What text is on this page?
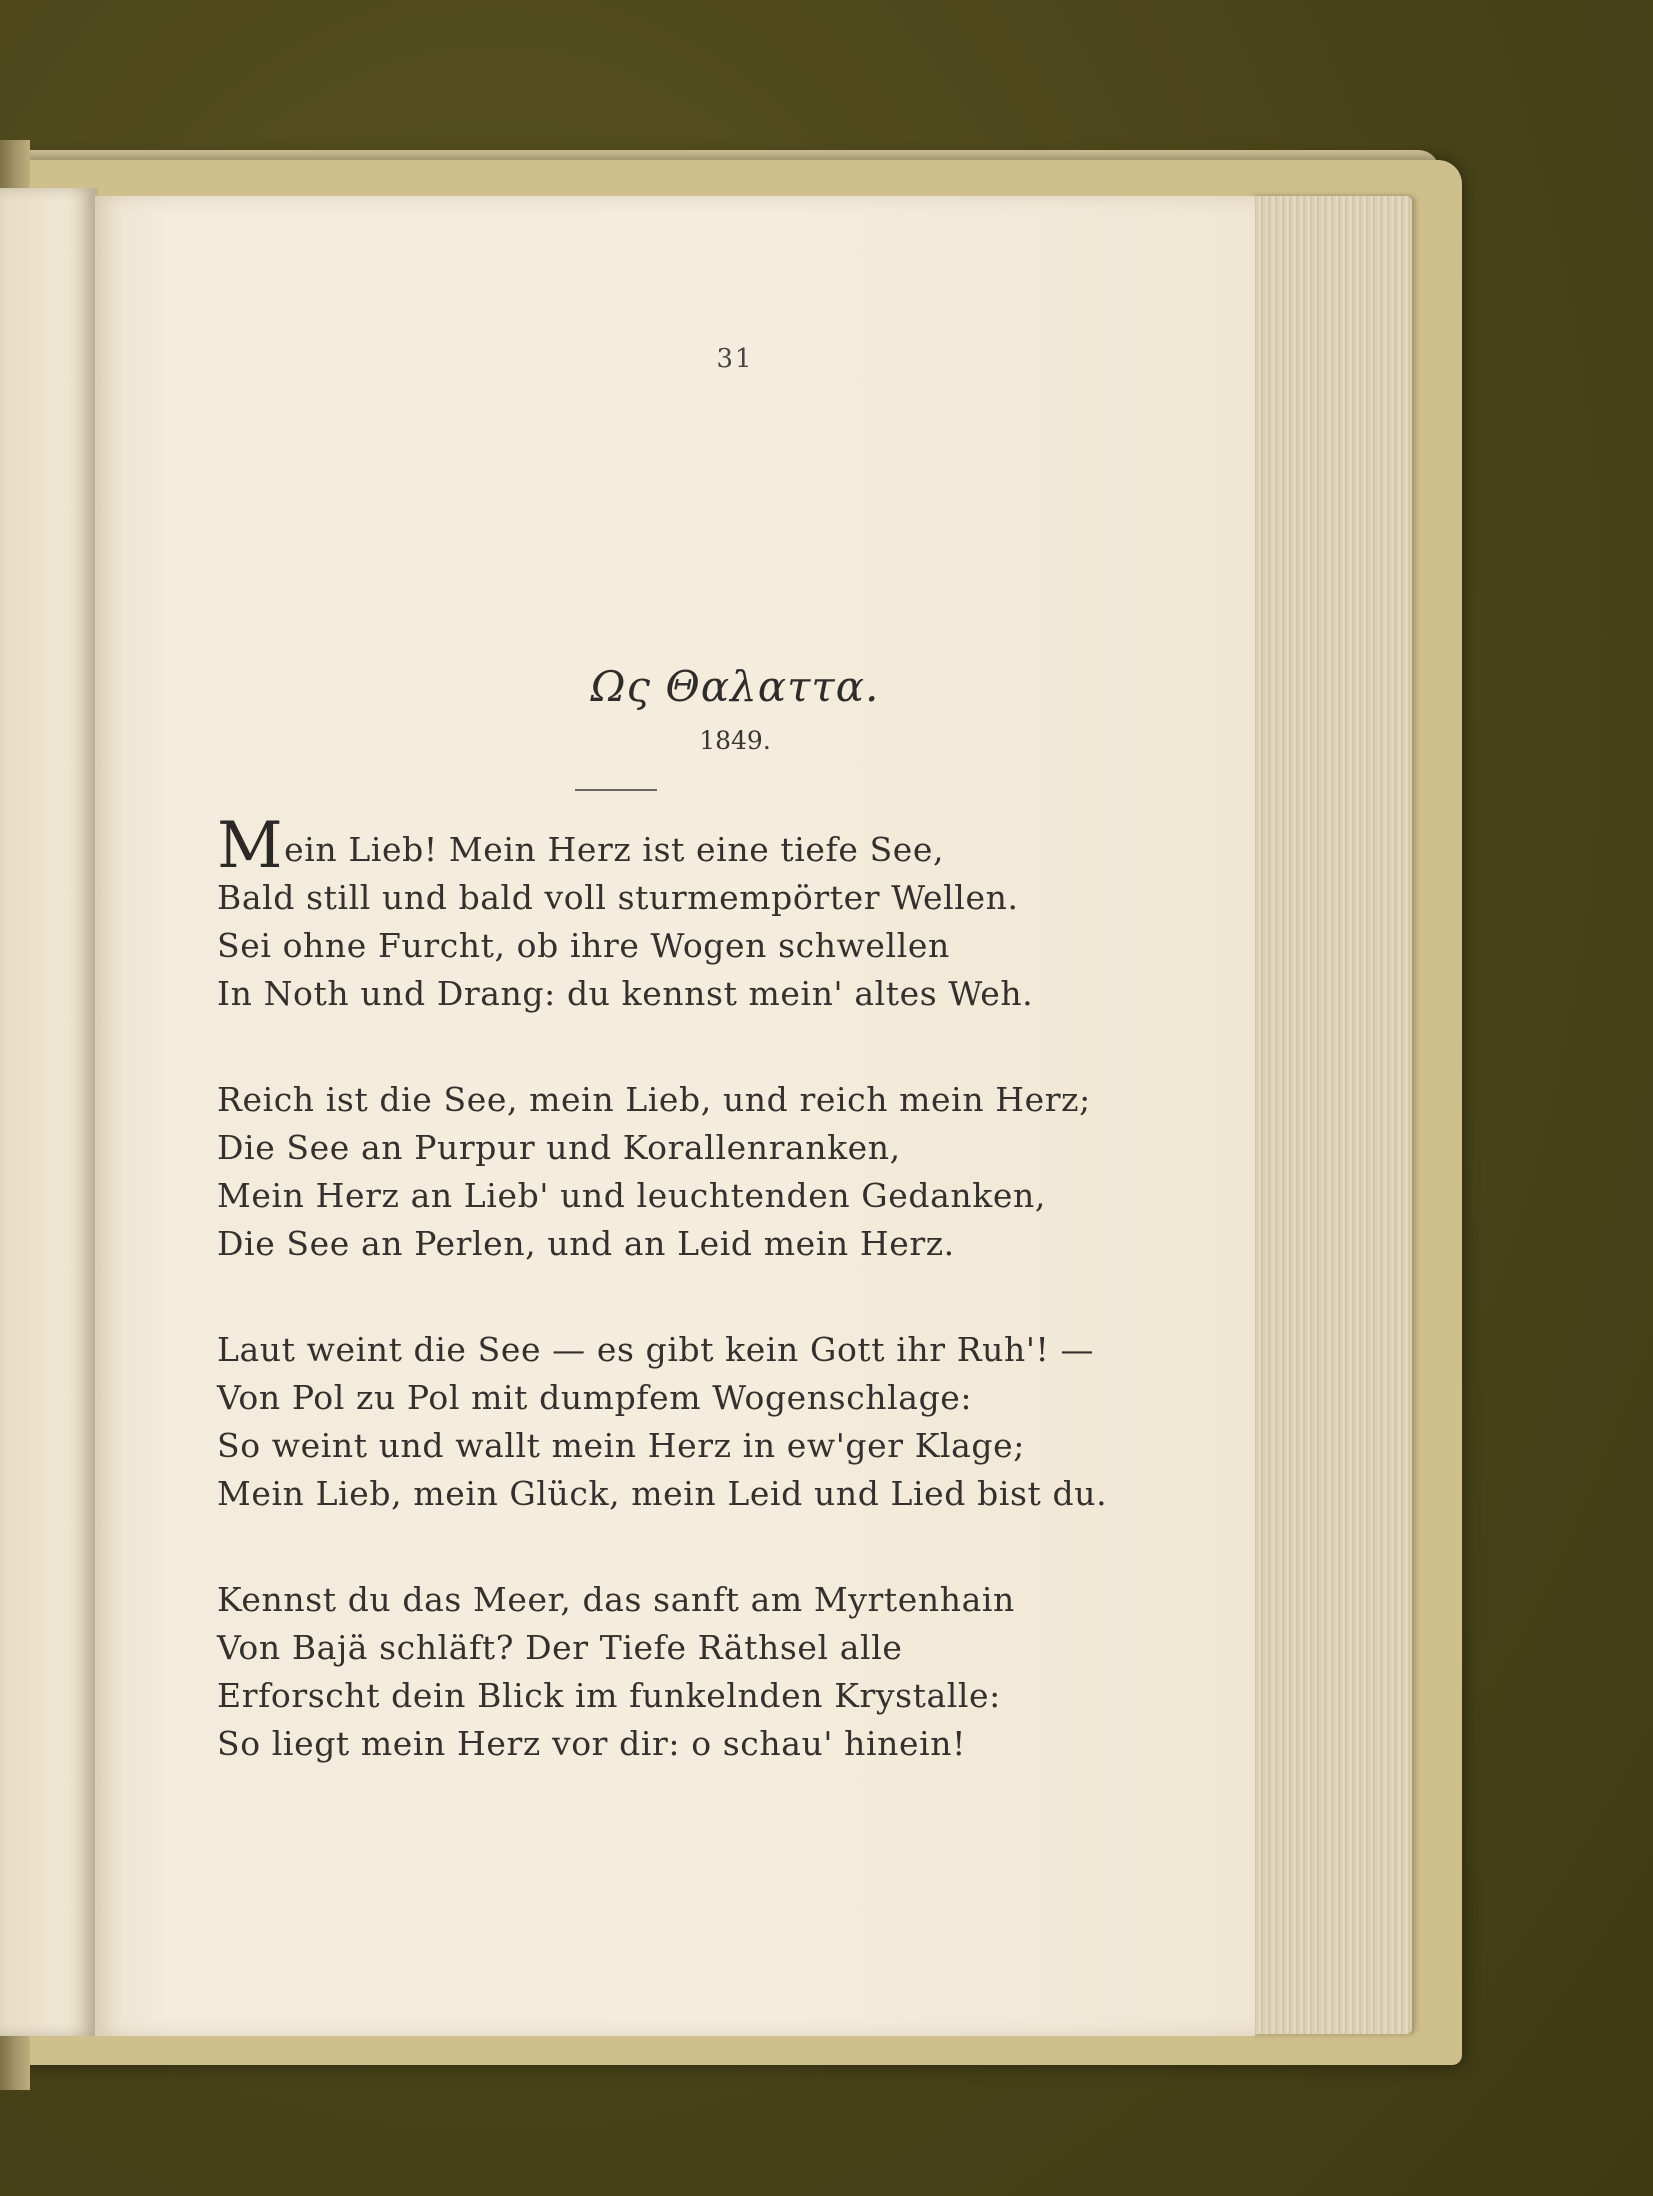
31
Ως Θαλαττα.
1849.
Mein Lieb! Mein Herz ist eine tiefe See,
Bald still und bald voll sturmempörter Wellen.
Sei ohne Furcht, ob ihre Wogen schwellen
In Noth und Drang: du kennst mein' altes Weh.
Reich ist die See, mein Lieb, und reich mein Herz;
Die See an Purpur und Korallenranken,
Mein Herz an Lieb' und leuchtenden Gedanken,
Die See an Perlen, und an Leid mein Herz.
Laut weint die See — es gibt kein Gott ihr Ruh'! —
Von Pol zu Pol mit dumpfem Wogenschlage:
So weint und wallt mein Herz in ew'ger Klage;
Mein Lieb, mein Glück, mein Leid und Lied bist du.
Kennst du das Meer, das sanft am Myrtenhain
Von Bajä schläft? Der Tiefe Räthsel alle
Erforscht dein Blick im funkelnden Krystalle:
So liegt mein Herz vor dir: o schau' hinein!
